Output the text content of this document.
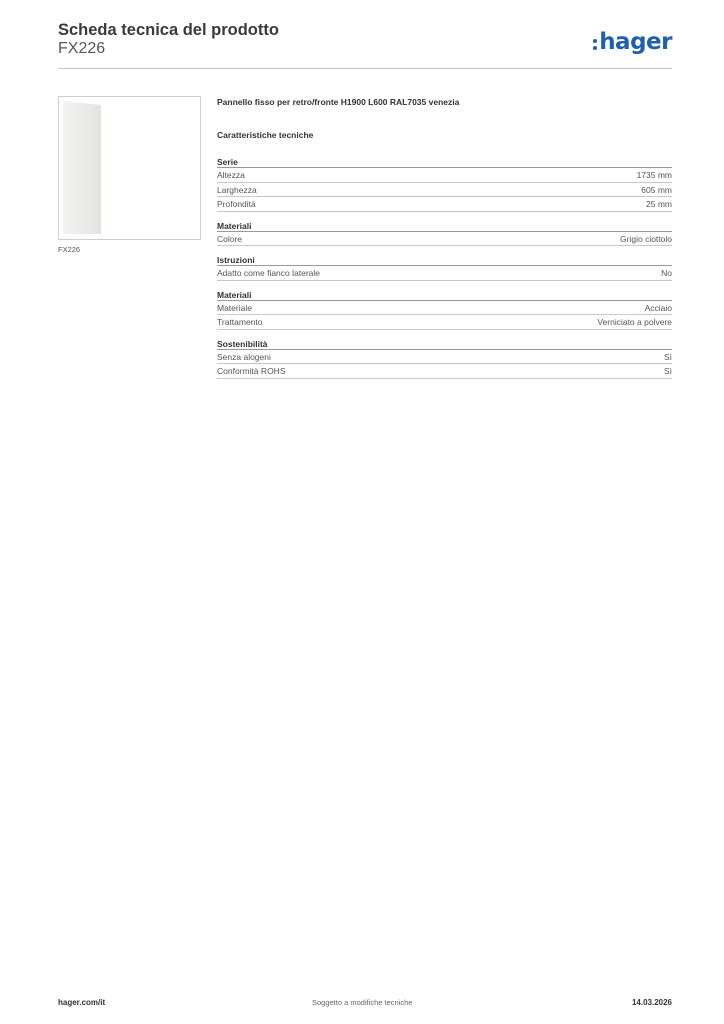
Scheda tecnica del prodotto
FX226	hager
FX226
Pannello fisso per retro/fronte H1900 L600 RAL7035 venezia
Caratteristiche tecniche
Serie
Altezza	1735 mm
Larghezza	605 mm
Profondità	25 mm
Materiali
Colore	Grigio ciottolo
Istruzioni
Adatto come fianco laterale	No
Materiali
Materiale	Acciaio
Trattamento	Verniciato a polvere
Sostenibilità
Senza alogeni	Sì
Conformità ROHS	Sì
hager.com/it	Soggetto a modifiche tecniche	14.03.2026
